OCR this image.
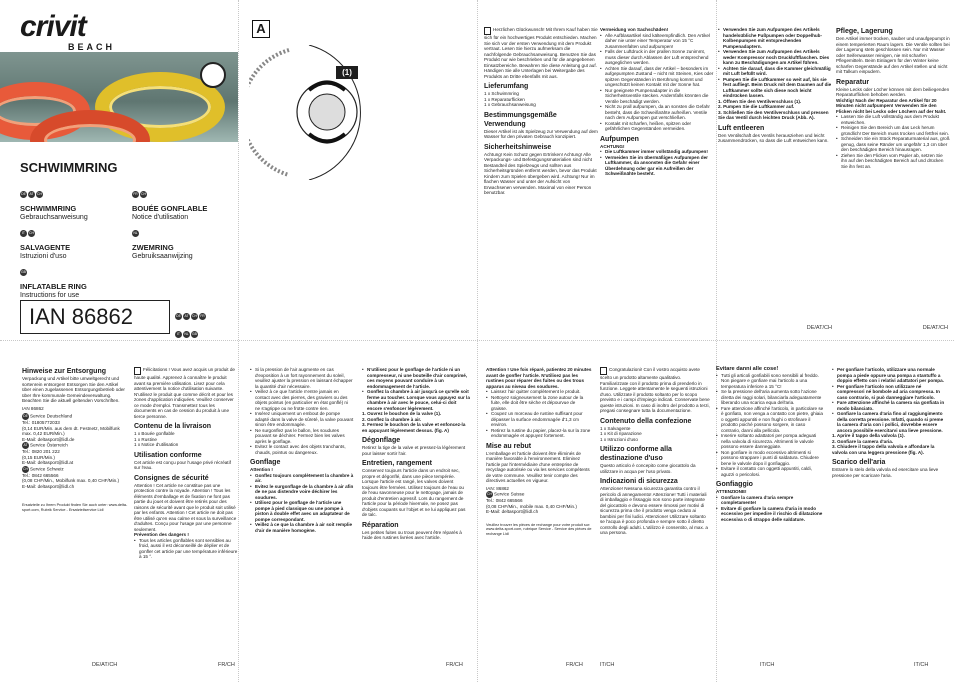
crivit
BEACH
SCHWIMMRING
DE AT CH
SCHWIMMRING
Gebrauchsanweisung
IT CH
SALVAGENTE
Istruzioni d'uso
GB
INFLATABLE RING
Instructions for use
FR CH
BOUÉE GONFLABLE
Notice d'utilisation
NL
ZWEMRING
Gebruiksaanwijzing
IAN 86862	DE AT CH FR
IT NL GB
A
(1)
Herzlichen Glückwunsch! Mit Ihrem Kauf haben Sie sich für ein hochwertiges Produkt entschieden. Machen Sie sich vor der ersten Verwendung mit dem Produkt vertraut. Lesen Sie hierzu aufmerksam die nachfolgende Gebrauchsanweisung. Benutzen Sie das Produkt nur wie beschrieben und für die angegebenen Einsatzbereiche. Bewahren Sie diese Anleitung gut auf. Händigen Sie alle Unterlagen bei Weitergabe des Produkts an Dritte ebenfalls mit aus.
Lieferumfang
1 x Schwimmring
1 x Reparaturflicken
1 x Gebrauchsanweisung
Bestimmungsgemäße Verwendung
Dieser Artikel ist als Spielzeug zur Verwendung auf dem Wasser für den privaten Gebrauch konzipiert.
Sicherheitshinweise
Achtung! Kein Schutz gegen Ertrinken! Achtung! Alle Verpackungs- und Befestigungsmaterialien sind nicht Bestandteil des Spielzeugs und sollten aus Sicherheitsgründen entfernt werden, bevor das Produkt Kindern zum Spielen übergeben wird. Achtung! Nur im flachen Wasser und unter der Aufsicht von Erwachsenen verwenden. Maximal von einer Person benutzbar.
Vermeidung von Sachschäden!
• Alle Aufblasartikel sind kälteempfindlich. Den Artikel daher nie unter einer Temperatur von 15 °C zusammenfalten und aufpumpen!
• Falls der Luftdruck in der prallen Sonne zunimmt, muss dieser durch Ablassen der Luft entsprechend ausgeglichen werden.
• Achten Sie darauf, dass der Artikel – besonders im aufgepumpten Zustand – nicht mit Steinen, Kies oder spitzen Gegenständen in Berührung kommt und ungeschützt keinen Kontakt mit der Sonne hat.
• Nur geeignete Pumpenadapter in die Sicherheitsventile stecken. Andernfalls könnten die Ventile beschädigt werden.
• Nicht zu prall aufpumpen, da an sonsten die Gefahr besteht, dass die Schweißnähte aufreißen. Ventile nach dem Aufpumpen gut verschließen.
• Kontakt mit scharfen, heißen, spitzen oder gefährlichen Gegenständen vermeiden.
Aufpumpen
ACHTUNG!
• Die Luftkammer immer vollständig aufpumpen!
• Vermeiden Sie im übermäßiges Aufpumpen der Luftkammer, da ansonsten die Gefahr einer Überdehnung oder gar ein Aufreißen der Schweißnähte besteht.
• Verwenden Sie zum Aufpumpen des Artikels handelsübliche Fußpumpen oder Doppelhub-Kolbenpumpen mit entsprechenden Pumpenadaptern.
• Verwenden Sie zum Aufpumpen des Artikels weder Kompressor noch Druckluftflaschen. Dies kann zu Beschädigungen am Artikel führen.
• Achten Sie darauf, dass die Kammer gleichmäßig mit Luft befüllt wird.
• Pumpen Sie die Luftkammer so weit auf, bis sie fest aufliegt. Beim Druck mit dem Daumen auf die Luftkammer sollte sich diese noch leicht eindrücken lassen.
1. Öffnen Sie den Ventilverschluss (1).
2. Pumpen Sie die Luftkammer auf.
3. Schließen Sie den Ventilverschluss und pressen Sie das Ventil durch leichten Druck (Abb. A).
Luft entleeren
Den Ventilschaft des Ventils herausziehen und leicht zusammendrücken, so dass die Luft entweichen kann.
DE/AT/CH
Pflege, Lagerung
Den Artikel immer trocken, sauber und unaufgepumpt in einem temperierten Raum lagern. Die Ventile sollten bei der Lagerung stets geschlossen sein. Nur mit Wasser oder Seifenwasser reinigen, nie mit scharfen Pflegemitteln. Beim Einlagern für den Winter keine scharfen Gegenstände auf den Artikel stellen und nicht mit Talkum einpudern.
Reparatur
Kleine Lecks oder Löcher können mit dem beiliegenden Reparaturflicken behoben werden.
Wichtig! Nach der Reparatur den Artikel für 20 Minuten nicht aufpumpen! Verwenden Sie den Flicken nicht bei Lecks oder Löchern auf der Naht.
• Lassen Sie die Luft vollständig aus dem Produkt entweichen.
• Reinigen Sie den Bereich um das Leck herum gründlich! Der Bereich muss trocken und fettfrei sein.
• Schneiden Sie ein Stück Reparaturmaterial aus, groß genug, dass seine Ränder um ungefähr 1,3 cm über den beschädigten Bereich hinausragen.
• Ziehen Sie den Flicken vom Papier ab, setzen Sie ihn auf den beschädigten Bereich auf und drücken Sie ihn fest an.
DE/AT/CH
Hinweise zur Entsorgung
Verpackung und Artikel bitte umweltgerecht und sortenrein entsorgen! Entsorgen Sie den Artikel über einen zugelassenen Entsorgungsbetrieb oder über Ihre kommunale Gemeindeverwaltung. Beachten Sie die aktuell geltenden Vorschriften.
IAN 86862
DE Service Deutschland
Tel.: 01805772033
(0,14 EUR/Min. aus dem dt. Festnetz, Mobilfunk max. 0,42 EUR/Min.)
E-Mail: deltasport@lidl.de
AT Service Österreich
Tel.: 0820 201 222
(0,15 EUR/Min.)
E-Mail: deltasport@lidl.at
CH Service Schweiz
Tel.: 0842 665566
(0,08 CHF/Min., Mobilfunk max. 0,40 CHF/Min.)
E-Mail: deltasport@lidl.ch
Ersatzteile zu Ihrem Produkt finden Sie auch unter: www.delta-sport.com, Rubrik Service - Ersatzteilservice Lidl
DE/AT/CH
Félicitations ! Vous avez acquis un produit de haute qualité. Apprenez à connaître le produit avant sa première utilisation. Lisez pour cela attentivement la notice d'utilisation suivante. N'utilisez le produit que comme décrit et pour les zones d'application indiquées. Veuillez conserver ce mode d'emploi. Transmettez tous les documents en cas de cession du produit à une tierce personne.
Contenu de la livraison
1 x Bouée gonflable
1 x Rustine
1 x Notice d'utilisation
Utilisation conforme
Cet article est conçu pour l'usage privé récréatif sur l'eau.
Consignes de sécurité
Attention ! Cet article ne constitue pas une protection contre la noyade. Attention ! Tous les éléments d'emballage et de fixation ne font pas partie du jouet et doivent être retirés pour des raisons de sécurité avant que le produit soit utilisé par les enfants. Attention ! Cet article ne doit pas être utilisé qu'en eau calme et sous la surveillance d'adultes. Conçu pour l'usage par une personne seulement.
Prévention des dangers !
• Tous les articles gonflables sont sensibles au froid, aussi il est déconseillé de déplier et de gonfler cet article par une température inférieure à 15 °.
FR/CH
• Si la pression de l'air augmente en cas d'exposition à un fort rayonnement du soleil, veuillez ajuster la pression en laissant échapper la quantité d'air nécessaire.
• Veillez à ce que l'article n'entre jamais en contact avec des pierres, des graviers ou des objets pointus (en particulier en état gonflé) ni ne s'agrippe ou ne frotte contre rien.
• Insérez uniquement un embout de pompe adapté dans la valve de sûreté, la valve pouvant sinon être endommagée.
• Ne surgonflez pas le ballon, les soudures pouvant se déchirer. Fermez bien les valves après le gonflage.
• Evitez le contact avec des objets tranchants, chauds, pointus ou dangereux.
Gonflage
Attention !
• Gonflez toujours complètement la chambre à air.
• Evitez le surgonflage de la chambre à air afin de ne pas distendre voire déchirer les soudures.
• Utilisez pour le gonflage de l'article une pompe à pied classique ou une pompe à piston à double effet avec un adaptateur de pompe correspondant.
• Veillez à ce que la chambre à air soit remplie d'air de manière homogène.
• N'utilisez pour le gonflage de l'article ni un compresseur, ni une bouteille d'air comprimé, ces moyens pouvant conduire à un endommagement de l'article.
• Gonflez la chambre à air jusqu'à ce qu'elle soit ferme au toucher. Lorsque vous appuyez sur la chambre à air avec le pouce, celui-ci doit encore s'enfoncer légèrement.
1. Ouvrez le bouchon de la valve (1).
2. Gonflez la chambre à air.
3. Fermez le bouchon de la valve et enfoncez-la en appuyant légèrement dessus. (fig. A)
Dégonflage
Retirez la tige de la valve et pressez-la légèrement pour laisser sortir l'air.
Entretien, rangement
Conservez toujours l'article dans un endroit sec, propre et dégonflé, dans une pièce tempérée. Lorsque l'article est rangé, les valves doivent toujours être fermées. Utilisez toujours de l'eau ou de l'eau savonneuse pour le nettoyage, jamais de produit d'entretien agressif. Lors du rangement de l'article pour la période hivernale, ne posez pas d'objets coupants sur l'objet et ne lui appliquez pas de talc.
Réparation
Les petites fuites ou trous peuvent être réparés à l'aide des rustines livrées avec l'article.
FR/CH
Attention ! Une fois réparé, patientez 20 minutes avant de gonfler l'article. N'utilisez pas les rustines pour réparer des fuites ou des trous apparus au niveau des soudures.
• Laissez l'air quitter complètement le produit.
• Nettoyez soigneusement la zone autour de la fuite, elle doit être sèche et dépourvue de graisse.
• Coupez un morceau de rustine suffisant pour dépasser la surface endommagée d'1,3 cm environ.
• Retirez la rustine du papier, placez-la sur la zone endommagée et appuyez fortement.
Mise au rebut
L'emballage et l'article doivent être éliminés de manière favorable à l'environnement. Eliminez l'article par l'intermédiaire d'une entreprise de recyclage autorisée ou via les services compétents de votre commune. Veuillez tenir compte des directives actuelles en vigueur.
IAN: 86862
CH Service Suisse
Tel.: 0842 665566
(0,08 CHF/Min., mobile max. 0,40 CHF/Min.)
E-Mail: deltasport@lidl.ch
Veuillez trouver les pièces de rechange pour votre produit sur: www.delta-sport.com, rubrique Service - Service des pièces de rechange Lidl
FR/CH
Congratulazioni! Con il vostro acquisto avete scelto un prodotto altamente qualitativo. Familiarizzate con il prodotto prima di prenderlo in funzione. Leggete attentamente le seguenti istruzioni d'uso. Utilizzate il prodotto soltanto per lo scopo previsto e i campi d'impiego indicati. Conservate bene queste istruzioni. In caso di inoltro del prodotto a terzi, pregasi consegnare tutta la documentazione.
Contenuto della confezione
1 x Salvagente
1 x Kit di riparazione
1 x Istruzioni d'uso
Utilizzo conforme alla destinazione d'uso
Questo articolo è concepito come giocattolo da utilizzare in acqua per l'uso privato.
Indicazioni di sicurezza
Attenzione! Nessuna sicurezza garantita contro il pericolo di annegamento! Attenzione! Tutti i materiali di imballaggio e fissaggio non sono parte integrante del giocattolo e devono essere rimossi per motivi di sicurezza prima che il prodotto venga ceduto ai bambini per fini ludici. Attenzione! Utilizzare soltanto se l'acqua è poco profonda e sempre sotto il diretto controllo degli adulti. L'utilizzo è consentito, al max. a una persona.
IT/CH
Evitare danni alle cose!
• Tutti gli articoli gonfiabili sono sensibili al freddo. Non piegare e gonfiare mai l'articolo a una temperatura inferiore a 15 °C!
• Se la pressione dell'aria aumenta sotto l'azione diretta dei raggi solari, bilanciarla adeguatamente liberando una scarica equa dell'aria.
• Fare attenzione affinché l'articolo, in particolare se è gonfiato, non venga a contatto con pietre, ghiaia o oggetti appuntiti e non frughi o strofinare il prodotto poiché possono sorgere, in caso contrario, danni alla pellicola.
• Inserire soltanto adattatori per pompa adeguati nella valvola di sicurezza. Altrimenti le valvole possono essere danneggiate.
• Non gonfiare in modo eccessivo altrimenti si possono strappare i punti di saldatura. Chiudere bene le valvole dopo il gonfiaggio.
• Evitare il contatto con oggetti appuntiti, caldi, aguzzi o pericolosi.
Gonfiaggio
ATTENZIONE!
• Gonfiare la camera d'aria sempre completamente!
• Evitare di gonfiare la camera d'aria in modo eccessivo per impedire il rischio di dilatazione eccessiva o di strappo delle saldature.
IT/CH
• Per gonfiare l'articolo, utilizzare una normale pompa a piede oppure una pompa a stantuffo a doppio effetto con i relativi adattatori per pompa.
• Per gonfiare l'articolo non utilizzare né compressori né bombole ad aria compressa. In caso contrario, si può danneggiare l'articolo.
• Fare attenzione affinché la camera sia gonfiata in modo bilanciato.
• Gonfiare la camera d'aria fino al raggiungimento della corretta pressione. Infatti, quando si preme la camera d'aria con i pollici, dovrebbe essere ancora possibile esercitarvi una lieve pressione.
1. Aprire il tappo della valvola (1).
2. Gonfiare la camera d'aria.
3. Chiudere il tappo della valvola e affondare la valvola con una leggera pressione (fig. A).
Scarico dell'aria
Estrarre lo stelo della valvola ed esercitare una lieve pressione per scaricare l'aria.
IT/CH
